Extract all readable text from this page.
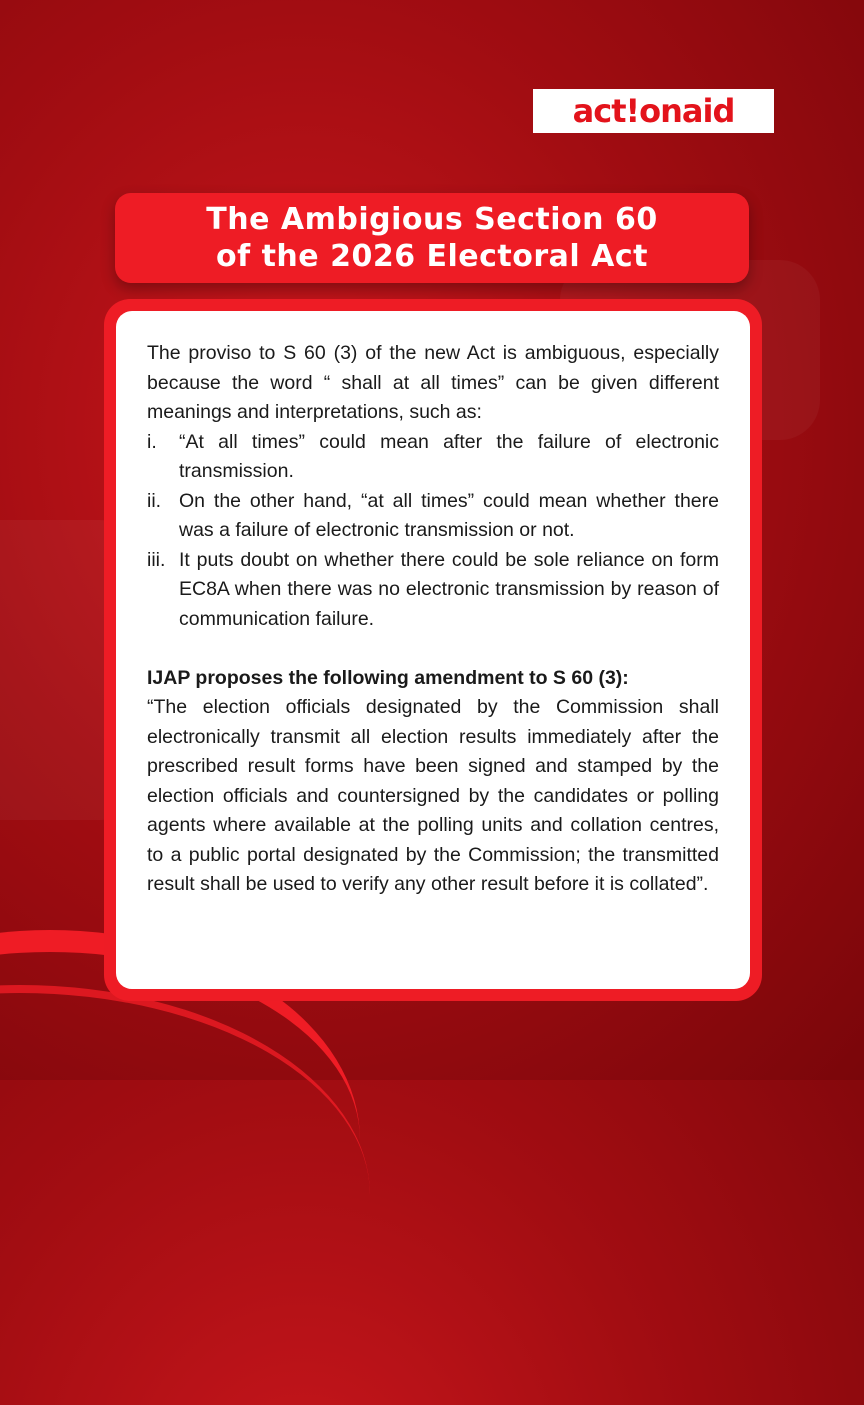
act!onaid
The Ambigious Section 60
of the 2026 Electoral Act

The proviso to S 60 (3) of the new Act is ambiguous, especially because the word “ shall at all times” can be given different meanings and interpretations, such as:

i. “At all times” could mean after the failure of electronic transmission.
ii. On the other hand, “at all times” could mean whether there was a failure of electronic transmission or not.
iii. It puts doubt on whether there could be sole reliance on form EC8A when there was no electronic transmission by reason of communication failure.

IJAP proposes the following amendment to S 60 (3):

“The election officials designated by the Commission shall electronically transmit all election results immediately after the prescribed result forms have been signed and stamped by the election officials and countersigned by the candidates or polling agents where available at the polling units and collation centres, to a public portal designated by the Commission; the transmitted result shall be used to verify any other result before it is collated”.
